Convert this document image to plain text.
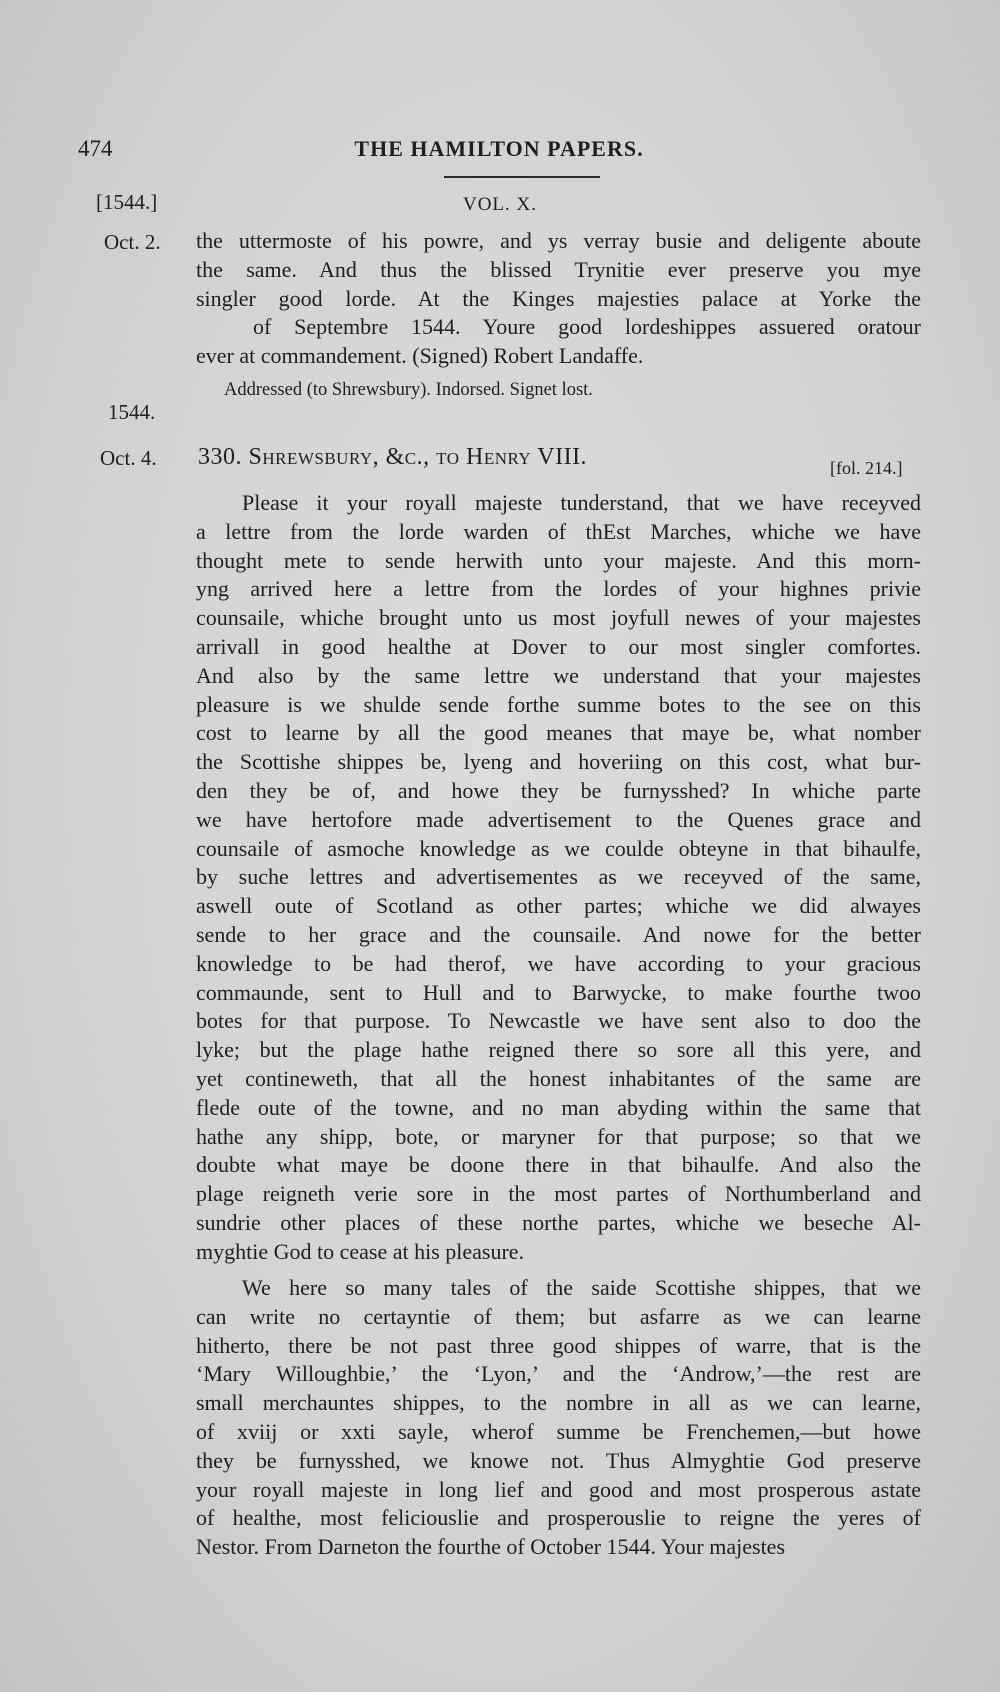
474	THE HAMILTON PAPERS.
[1544.]	VOL. X.
Oct. 2.
1544.
Oct. 4.
the uttermoste of his powre, and ys verray busie and deligente aboute
the same. And thus the blissed Trynitie ever preserve you mye
singler good lorde. At the Kinges majesties palace at Yorke the
of Septembre 1544. Youre good lordeshippes assuered oratour
ever at commandement. (Signed) Robert Landaffe.
Addressed (to Shrewsbury). Indorsed. Signet lost.
330. Shrewsbury, &c., to Henry VIII.	[fol. 214.]
Please it your royall majeste tunderstand, that we have receyved
a lettre from the lorde warden of thEst Marches, whiche we have
thought mete to sende herwith unto your majeste. And this morn-
yng arrived here a lettre from the lordes of your highnes privie
counsaile, whiche brought unto us most joyfull newes of your majestes
arrivall in good healthe at Dover to our most singler comfortes.
And also by the same lettre we understand that your majestes
pleasure is we shulde sende forthe summe botes to the see on this
cost to learne by all the good meanes that maye be, what nomber
the Scottishe shippes be, lyeng and hoveriing on this cost, what bur-
den they be of, and howe they be furnysshed? In whiche parte
we have hertofore made advertisement to the Quenes grace and
counsaile of asmoche knowledge as we coulde obteyne in that bihaulfe,
by suche lettres and advertisementes as we receyved of the same,
aswell oute of Scotland as other partes; whiche we did alwayes
sende to her grace and the counsaile. And nowe for the better
knowledge to be had therof, we have according to your gracious
commaunde, sent to Hull and to Barwycke, to make fourthe twoo
botes for that purpose. To Newcastle we have sent also to doo the
lyke; but the plage hathe reigned there so sore all this yere, and
yet contineweth, that all the honest inhabitantes of the same are
flede oute of the towne, and no man abyding within the same that
hathe any shipp, bote, or maryner for that purpose; so that we
doubte what maye be doone there in that bihaulfe. And also the
plage reigneth verie sore in the most partes of Northumberland and
sundrie other places of these northe partes, whiche we beseche Al-
myghtie God to cease at his pleasure.
We here so many tales of the saide Scottishe shippes, that we
can write no certayntie of them; but asfarre as we can learne
hitherto, there be not past three good shippes of warre, that is the
‘Mary Willoughbie,’ the ‘Lyon,’ and the ‘Androw,’—the rest are
small merchauntes shippes, to the nombre in all as we can learne,
of xviij or xxti sayle, wherof summe be Frenchemen,—but howe
they be furnysshed, we knowe not. Thus Almyghtie God preserve
your royall majeste in long lief and good and most prosperous astate
of healthe, most feliciouslie and prosperouslie to reigne the yeres of
Nestor. From Darneton the fourthe of October 1544. Your majestes
